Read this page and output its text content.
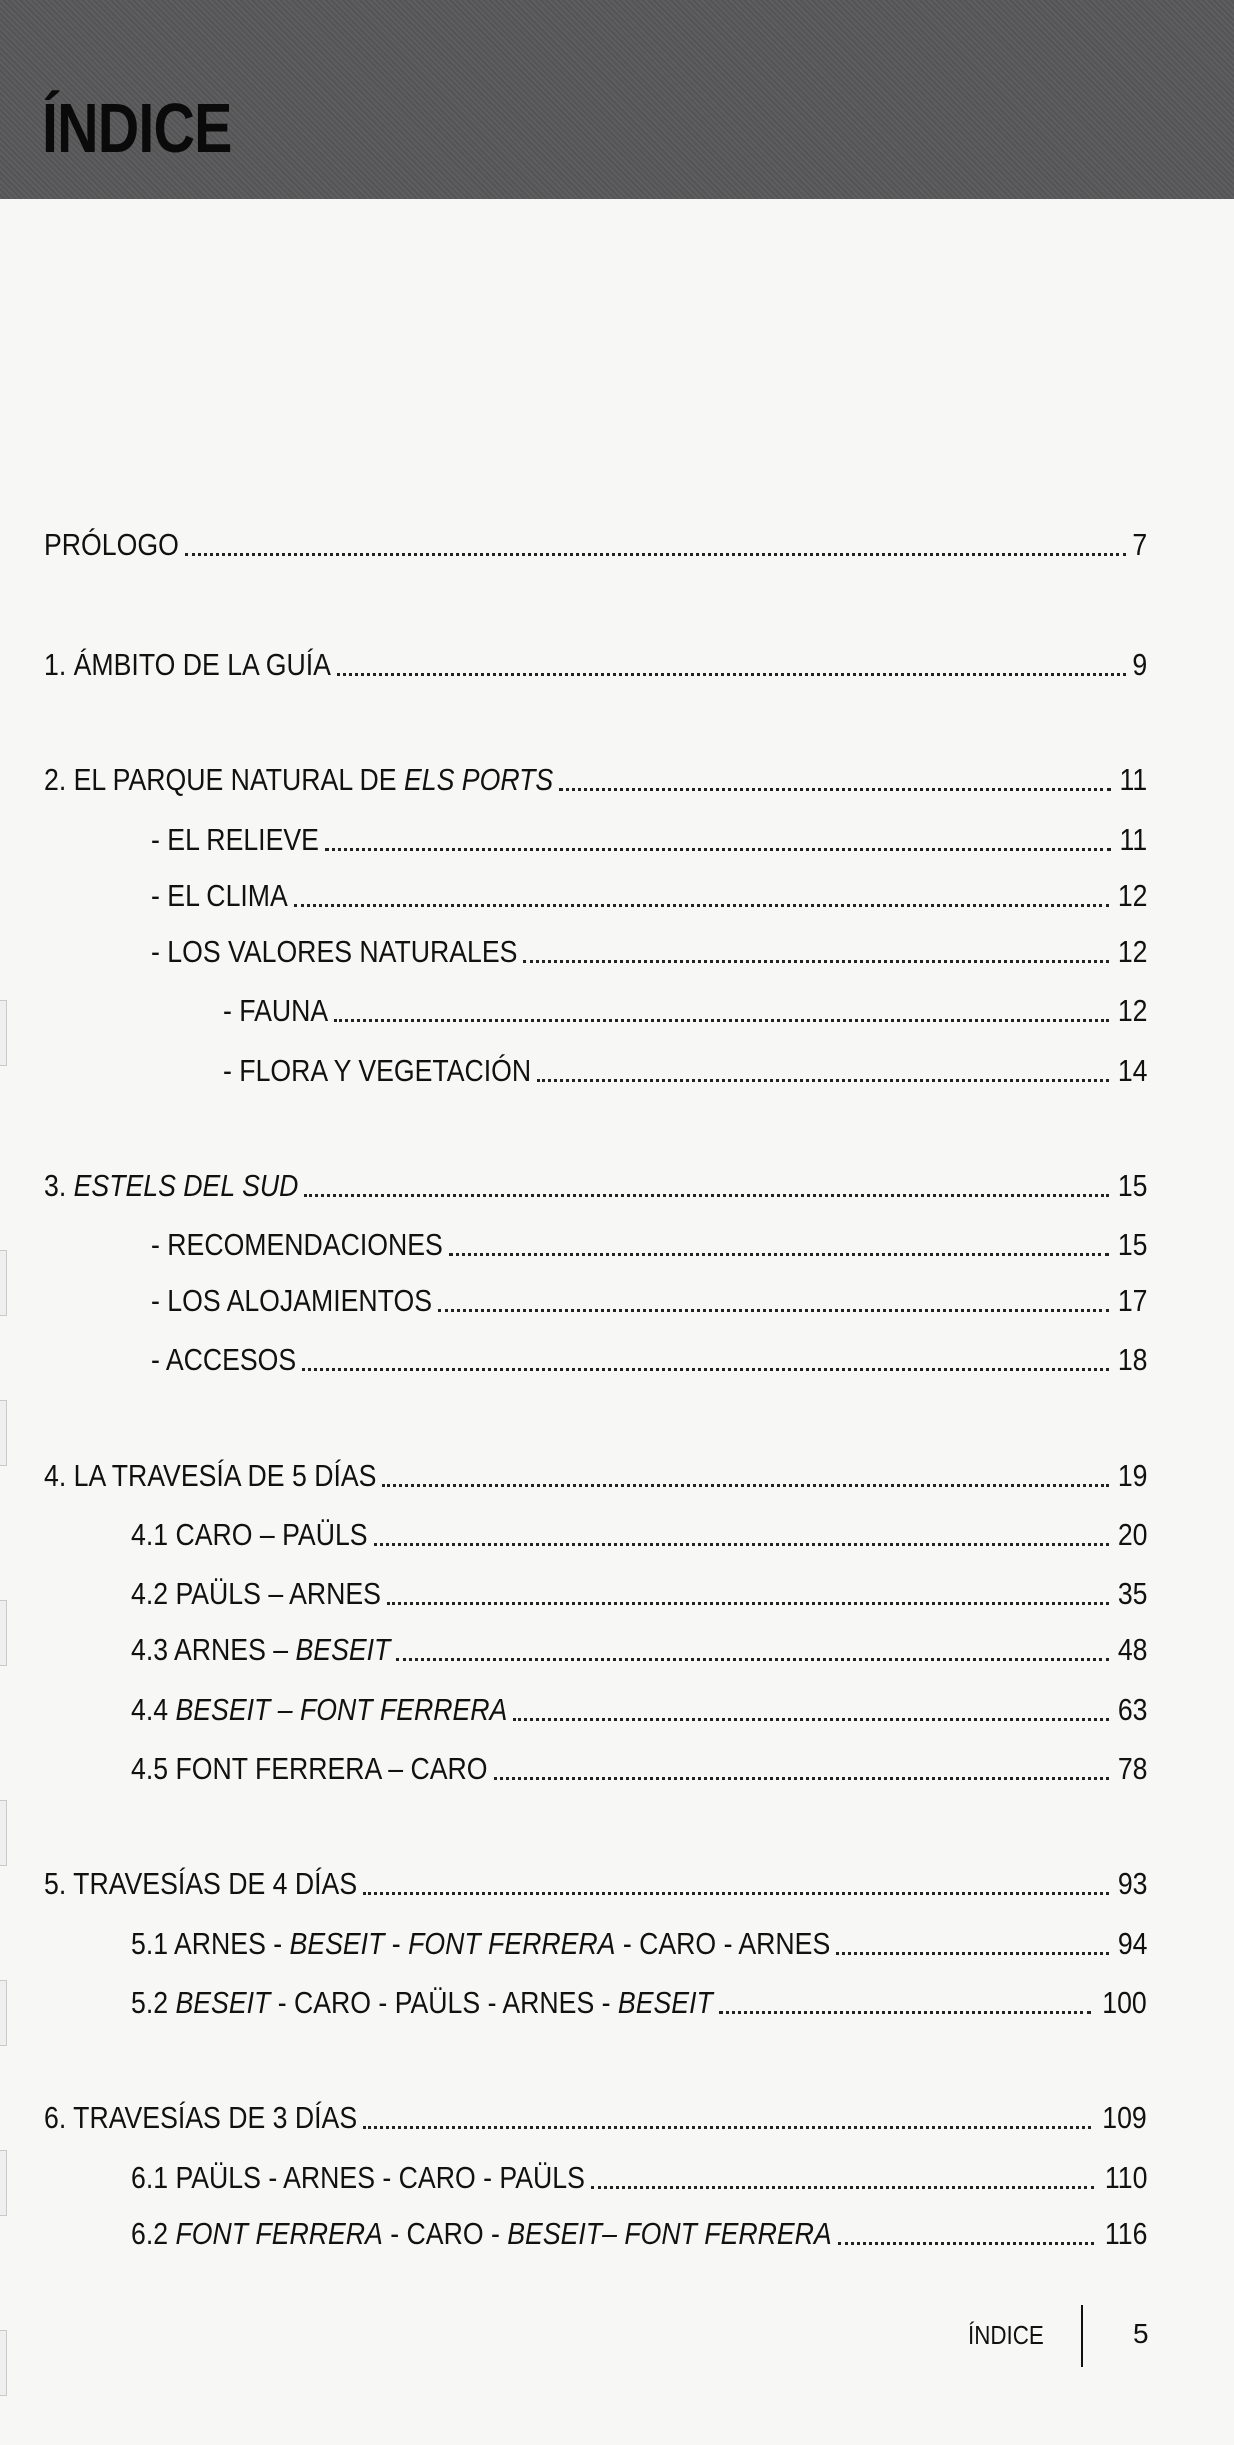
ÍNDICE
PRÓLOGO	7
1. ÁMBITO DE LA GUÍA	9
2. EL PARQUE NATURAL DE ELS PORTS	11
- EL RELIEVE	11
- EL CLIMA	12
- LOS VALORES NATURALES	12
- FAUNA	12
- FLORA Y VEGETACIÓN	14
3. ESTELS DEL SUD	15
- RECOMENDACIONES	15
- LOS ALOJAMIENTOS	17
- ACCESOS	18
4. LA TRAVESÍA DE 5 DÍAS	19
4.1 CARO – PAÜLS	20
4.2 PAÜLS – ARNES	35
4.3 ARNES – BESEIT	48
4.4 BESEIT – FONT FERRERA	63
4.5 FONT FERRERA – CARO	78
5. TRAVESÍAS DE 4 DÍAS	93
5.1 ARNES - BESEIT - FONT FERRERA - CARO - ARNES	94
5.2 BESEIT - CARO - PAÜLS - ARNES - BESEIT	100
6. TRAVESÍAS DE 3 DÍAS	109
6.1 PAÜLS - ARNES - CARO - PAÜLS	110
6.2 FONT FERRERA - CARO - BESEIT– FONT FERRERA	116
ÍNDICE	5
